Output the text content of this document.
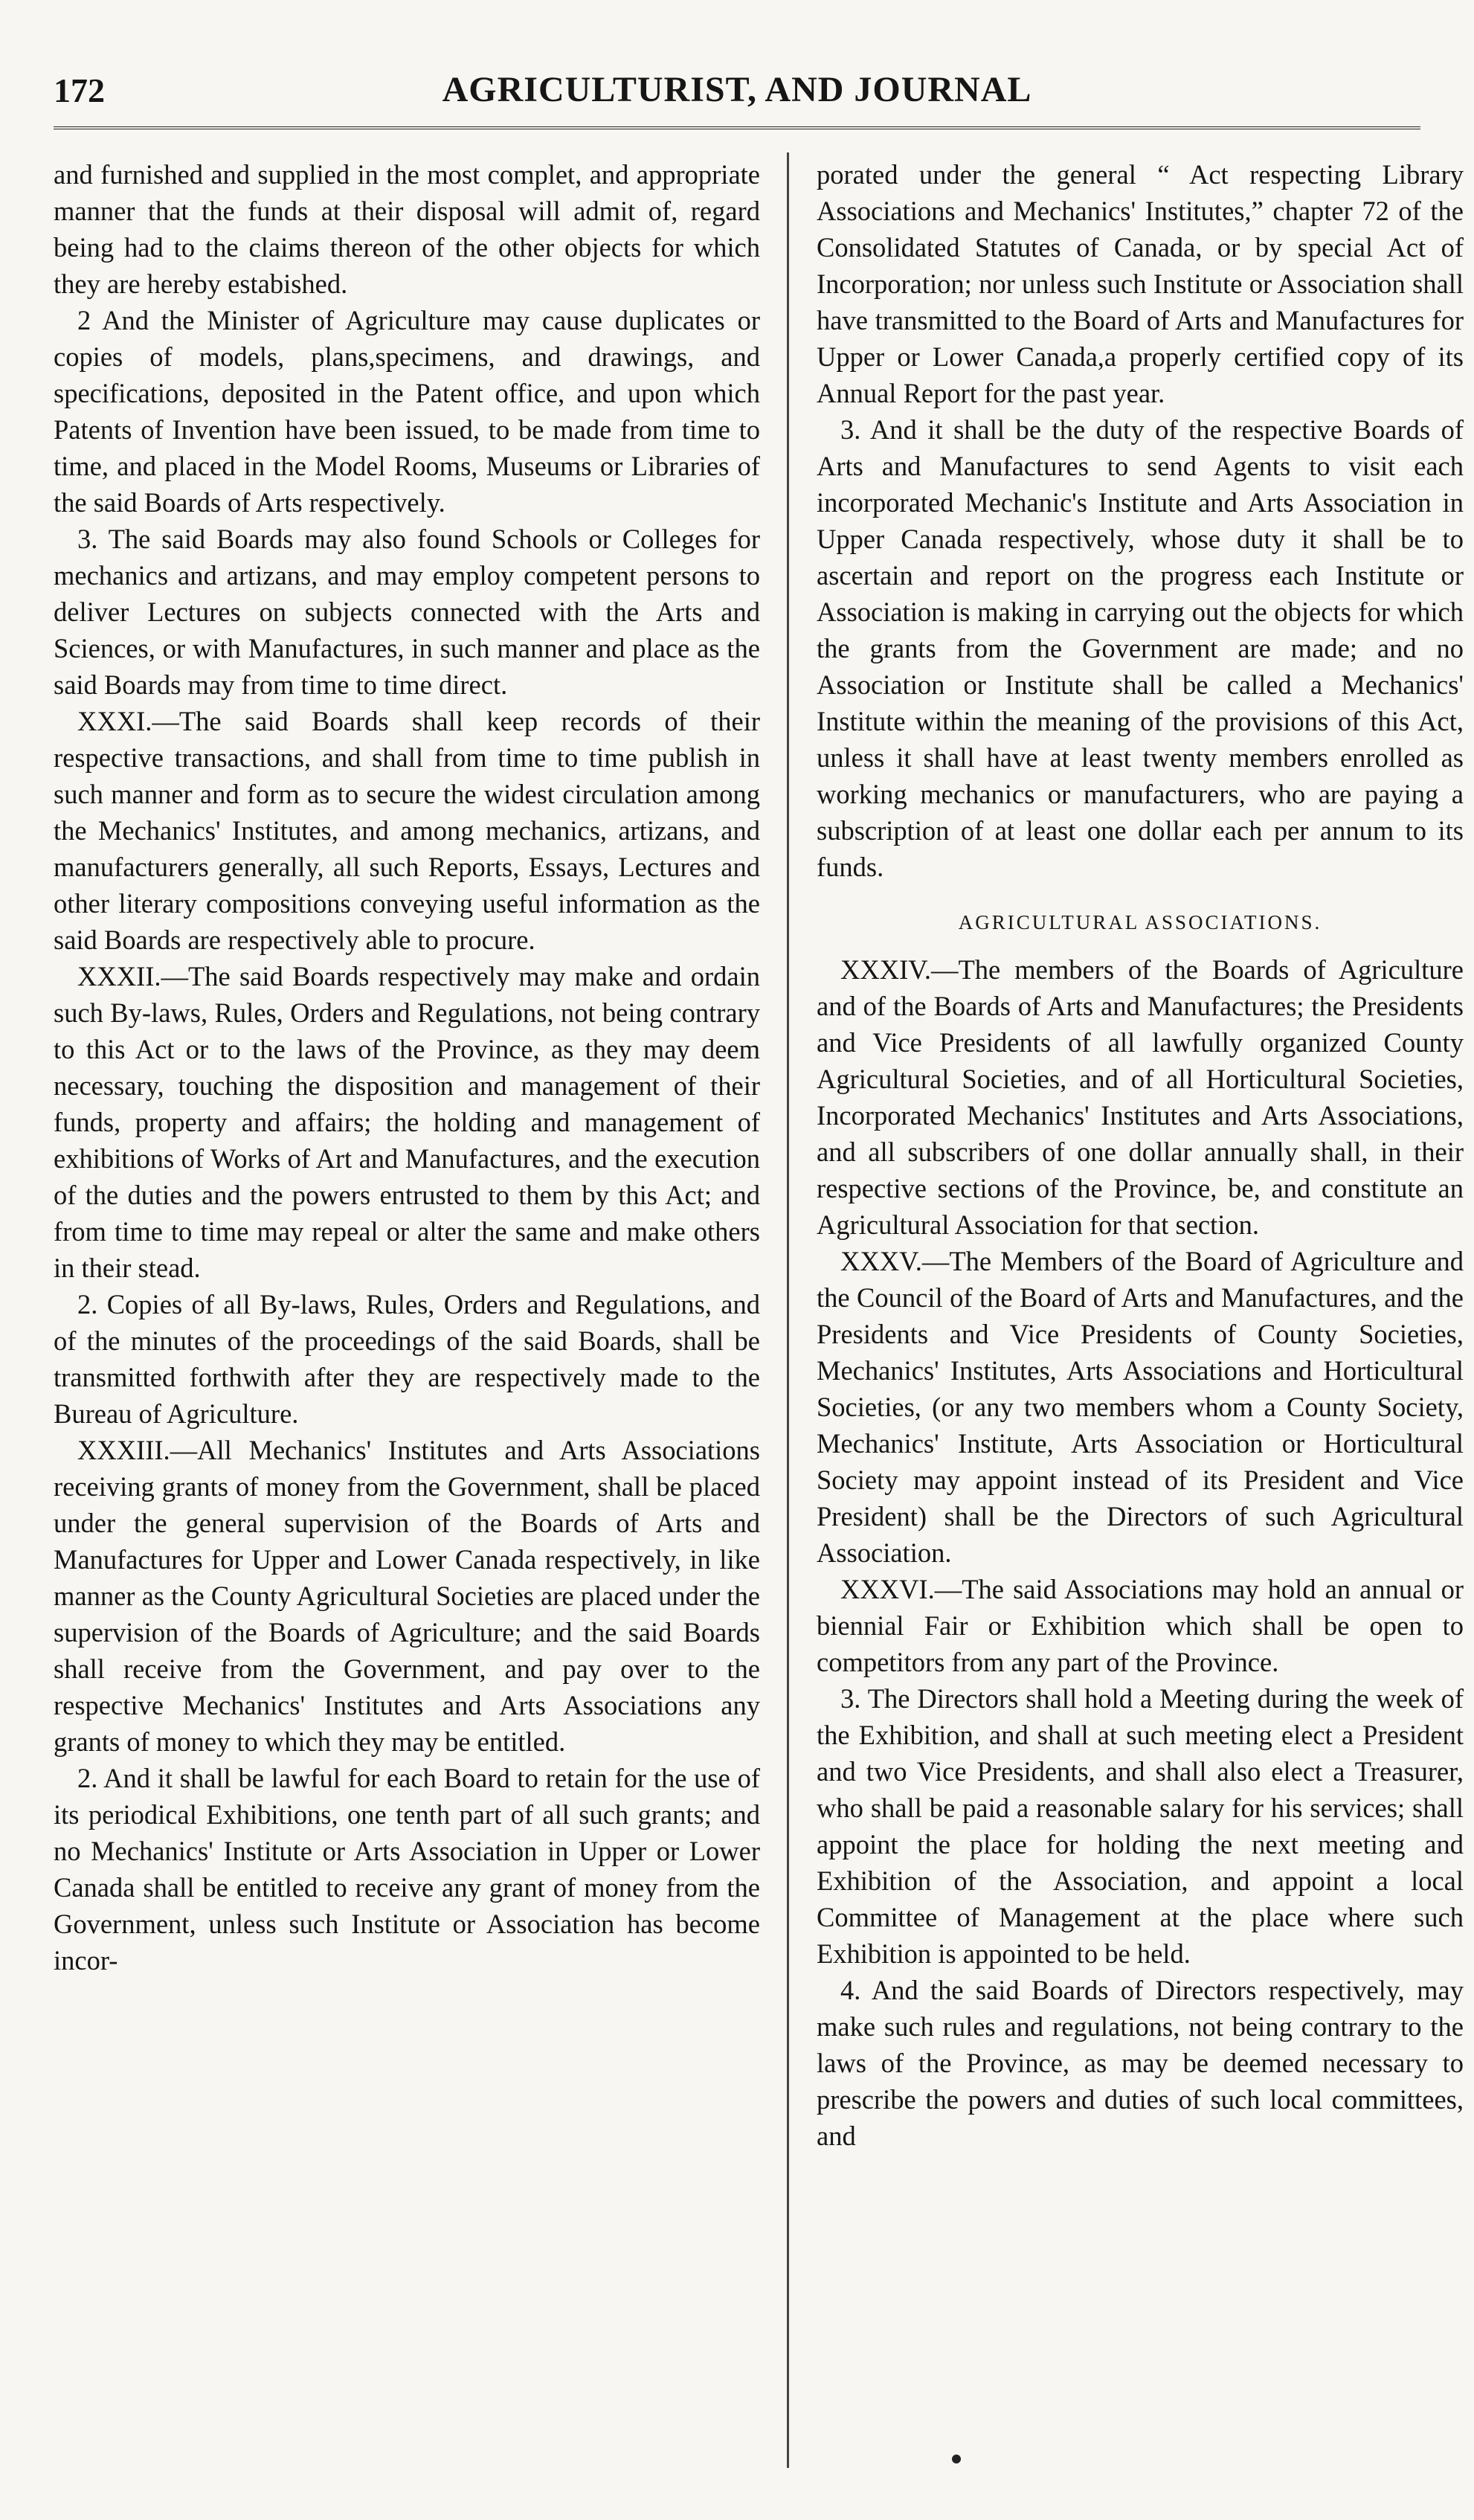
172	AGRICULTURIST, AND JOURNAL

and furnished and supplied in the most complet, and appropriate manner that the funds at their disposal will admit of, regard being had to the claims thereon of the other objects for which they are hereby estabished.

2 And the Minister of Agriculture may cause duplicates or copies of models, plans,specimens, and drawings, and specifications, deposited in the Patent office, and upon which Patents of Invention have been issued, to be made from time to time, and placed in the Model Rooms, Museums or Libraries of the said Boards of Arts respectively.

3. The said Boards may also found Schools or Colleges for mechanics and artizans, and may employ competent persons to deliver Lectures on subjects connected with the Arts and Sciences, or with Manufactures, in such manner and place as the said Boards may from time to time direct.

XXXI.—The said Boards shall keep records of their respective transactions, and shall from time to time publish in such manner and form as to secure the widest circulation among the Mechanics' Institutes, and among mechanics, artizans, and manufacturers generally, all such Reports, Essays, Lectures and other literary compositions conveying useful information as the said Boards are respectively able to procure.

XXXII.—The said Boards respectively may make and ordain such By-laws, Rules, Orders and Regulations, not being contrary to this Act or to the laws of the Province, as they may deem necessary, touching the disposition and management of their funds, property and affairs; the holding and management of exhibitions of Works of Art and Manufactures, and the execution of the duties and the powers entrusted to them by this Act; and from time to time may repeal or alter the same and make others in their stead.

2. Copies of all By-laws, Rules, Orders and Regulations, and of the minutes of the proceedings of the said Boards, shall be transmitted forthwith after they are respectively made to the Bureau of Agriculture.

XXXIII.—All Mechanics' Institutes and Arts Associations receiving grants of money from the Government, shall be placed under the general supervision of the Boards of Arts and Manufactures for Upper and Lower Canada respectively, in like manner as the County Agricultural Societies are placed under the supervision of the Boards of Agriculture; and the said Boards shall receive from the Government, and pay over to the respective Mechanics' Institutes and Arts Associations any grants of money to which they may be entitled.

2. And it shall be lawful for each Board to retain for the use of its periodical Exhibitions, one tenth part of all such grants; and no Mechanics' Institute or Arts Association in Upper or Lower Canada shall be entitled to receive any grant of money from the Government, unless such Institute or Association has become incor-

porated under the general “ Act respecting Library Associations and Mechanics' Institutes,” chapter 72 of the Consolidated Statutes of Canada, or by special Act of Incorporation; nor unless such Institute or Association shall have transmitted to the Board of Arts and Manufactures for Upper or Lower Canada,a properly certified copy of its Annual Report for the past year.

3. And it shall be the duty of the respective Boards of Arts and Manufactures to send Agents to visit each incorporated Mechanic's Institute and Arts Association in Upper Canada respectively, whose duty it shall be to ascertain and report on the progress each Institute or Association is making in carrying out the objects for which the grants from the Government are made; and no Association or Institute shall be called a Mechanics' Institute within the meaning of the provisions of this Act, unless it shall have at least twenty members enrolled as working mechanics or manufacturers, who are paying a subscription of at least one dollar each per annum to its funds.

AGRICULTURAL ASSOCIATIONS.

XXXIV.—The members of the Boards of Agriculture and of the Boards of Arts and Manufactures; the Presidents and Vice Presidents of all lawfully organized County Agricultural Societies, and of all Horticultural Societies, Incorporated Mechanics' Institutes and Arts Associations, and all subscribers of one dollar annually shall, in their respective sections of the Province, be, and constitute an Agricultural Association for that section.

XXXV.—The Members of the Board of Agriculture and the Council of the Board of Arts and Manufactures, and the Presidents and Vice Presidents of County Societies, Mechanics' Institutes, Arts Associations and Horticultural Societies, (or any two members whom a County Society, Mechanics' Institute, Arts Association or Horticultural Society may appoint instead of its President and Vice President) shall be the Directors of such Agricultural Association.

XXXVI.—The said Associations may hold an annual or biennial Fair or Exhibition which shall be open to competitors from any part of the Province.

3. The Directors shall hold a Meeting during the week of the Exhibition, and shall at such meeting elect a President and two Vice Presidents, and shall also elect a Treasurer, who shall be paid a reasonable salary for his services; shall appoint the place for holding the next meeting and Exhibition of the Association, and appoint a local Committee of Management at the place where such Exhibition is appointed to be held.

4. And the said Boards of Directors respectively, may make such rules and regulations, not being contrary to the laws of the Province, as may be deemed necessary to prescribe the powers and duties of such local committees, and
